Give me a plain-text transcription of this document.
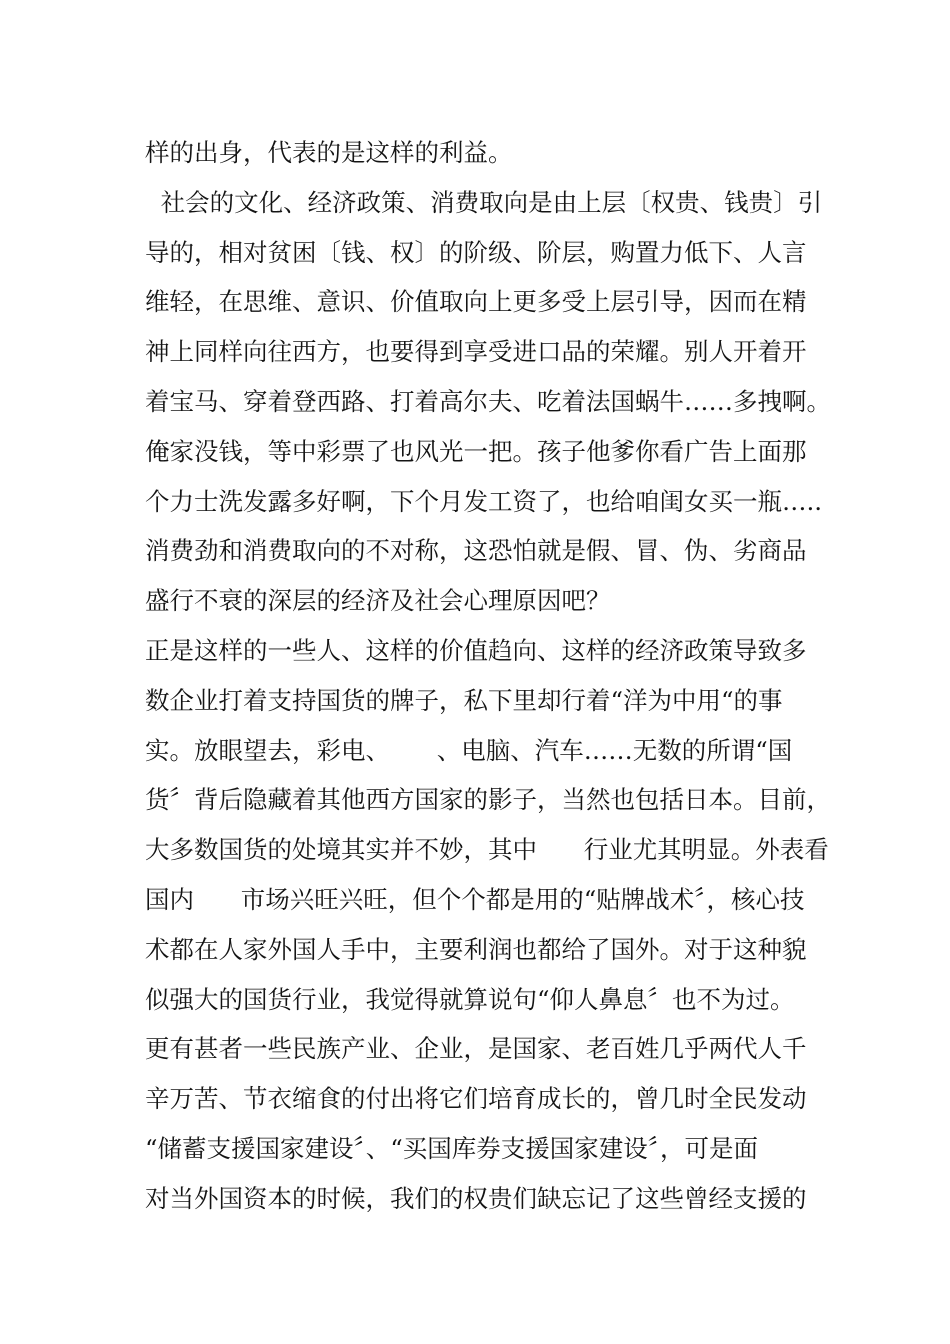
样的出身，代表的是这样的利益。
社会的文化、经济政策、消费取向是由上层〔权贵、钱贵〕引
导的，相对贫困〔钱、权〕的阶级、阶层，购置力低下、人言
维轻，在思维、意识、价值取向上更多受上层引导，因而在精
神上同样向往西方，也要得到享受进口品的荣耀。别人开着开
着宝马、穿着登西路、打着高尔夫、吃着法国蜗牛……多拽啊。
俺家没钱，等中彩票了也风光一把。孩子他爹你看广告上面那
个力士洗发露多好啊，下个月发工资了，也给咱闺女买一瓶…..
消费劲和消费取向的不对称，这恐怕就是假、冒、伪、劣商品
盛行不衰的深层的经济及社会心理原因吧？
正是这样的一些人、这样的价值趋向、这样的经济政策导致多
数企业打着支持国货的牌子，私下里却行着“洋为中用“的事
实。放眼望去，彩电、      、电脑、汽车……无数的所谓“国
货〞背后隐藏着其他西方国家的影子，当然也包括日本。目前，
大多数国货的处境其实并不妙，其中      行业尤其明显。外表看
国内      市场兴旺兴旺，但个个都是用的“贴牌战术〞，核心技
术都在人家外国人手中，主要利润也都给了国外。对于这种貌
似强大的国货行业，我觉得就算说句“仰人鼻息〞也不为过。
更有甚者一些民族产业、企业，是国家、老百姓几乎两代人千
辛万苦、节衣缩食的付出将它们培育成长的，曾几时全民发动
“储蓄支援国家建设〞、“买国库券支援国家建设〞，可是面
对当外国资本的时候，我们的权贵们缺忘记了这些曾经支援的
